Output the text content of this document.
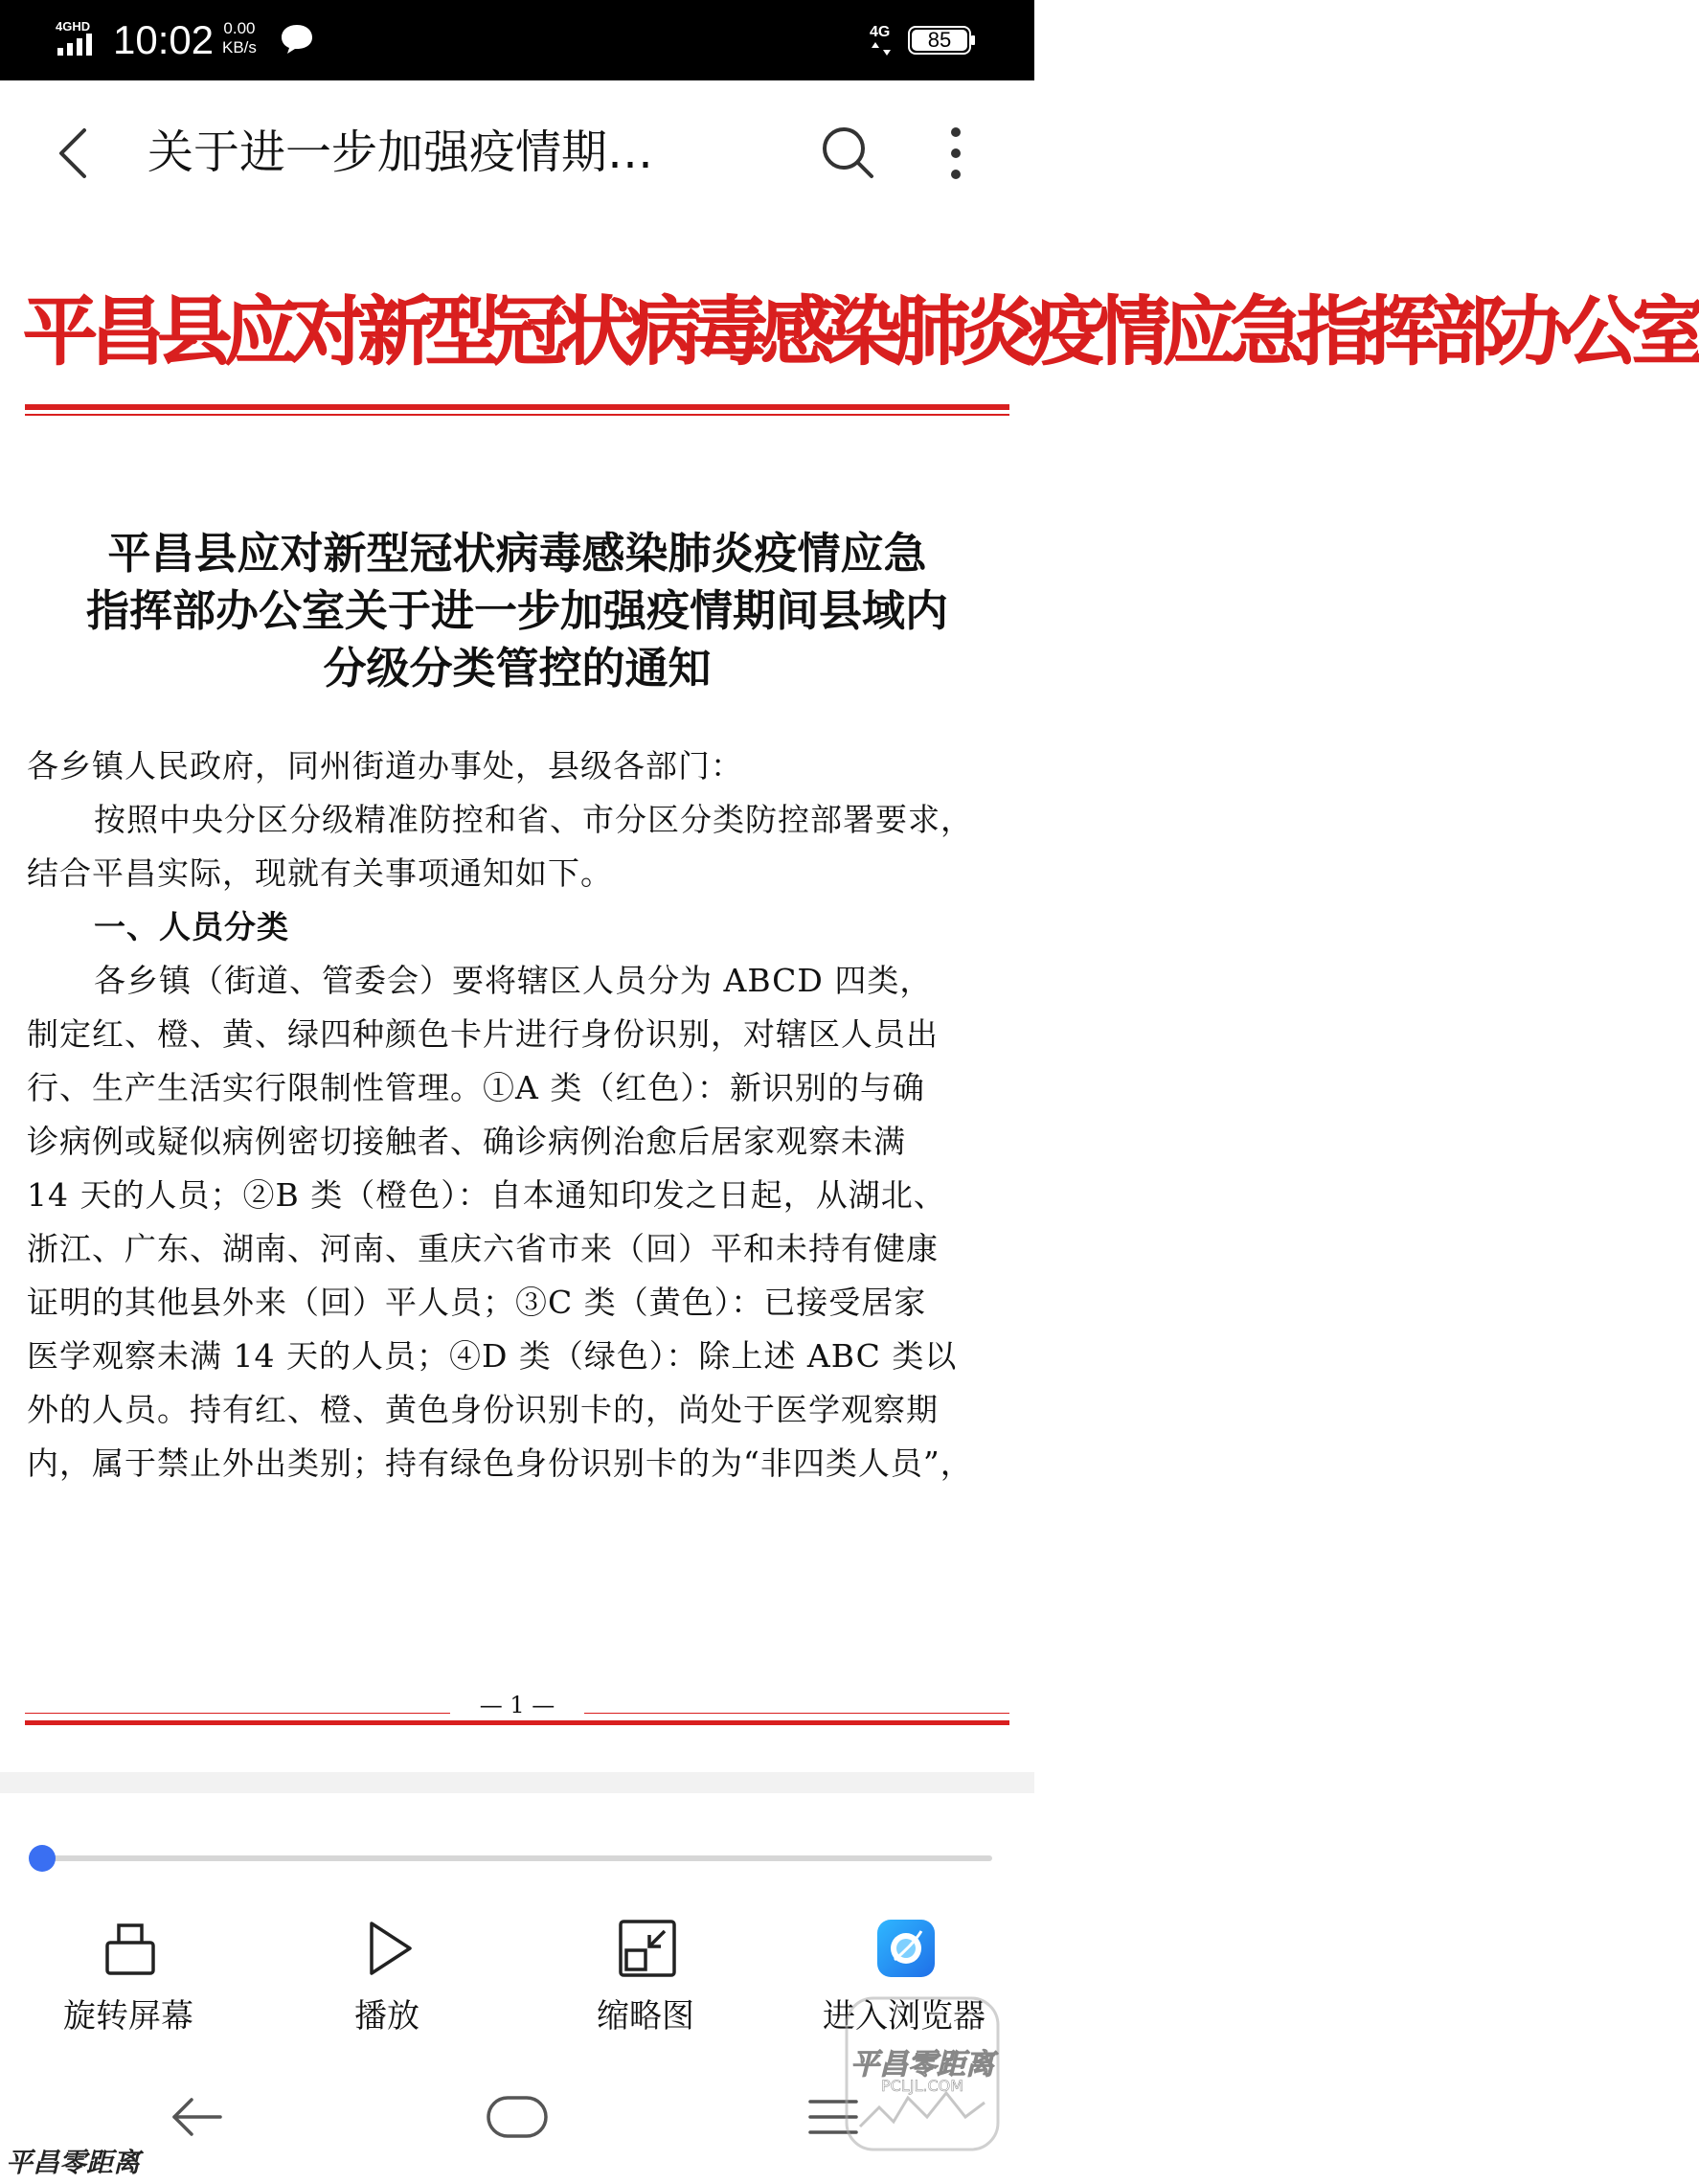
4GHD 10:02 0.00
KB/s
4G	85
关于进一步加强疫情期…
平昌县应对新型冠状病毒感染肺炎疫情应急指挥部办公室
平昌县应对新型冠状病毒感染肺炎疫情应急
指挥部办公室关于进一步加强疫情期间县域内
分级分类管控的通知
各乡镇人民政府，同州街道办事处，县级各部门：
按照中央分区分级精准防控和省、市分区分类防控部署要求，
结合平昌实际，现就有关事项通知如下。
一、人员分类
各乡镇（街道、管委会）要将辖区人员分为 ABCD 四类，
制定红、橙、黄、绿四种颜色卡片进行身份识别，对辖区人员出
行、生产生活实行限制性管理。①A 类（红色）：新识别的与确
诊病例或疑似病例密切接触者、确诊病例治愈后居家观察未满
14 天的人员；②B 类（橙色）：自本通知印发之日起，从湖北、
浙江、广东、湖南、河南、重庆六省市来（回）平和未持有健康
证明的其他县外来（回）平人员；③C 类（黄色）：已接受居家
医学观察未满 14 天的人员；④D 类（绿色）：除上述 ABC 类以
外的人员。持有红、橙、黄色身份识别卡的，尚处于医学观察期
内，属于禁止外出类别；持有绿色身份识别卡的为“非四类人员”，
— 1 —
旋转屏幕	播放	缩略图	进入浏览器
平昌零距离
PCLJL.COM
平昌零距离
